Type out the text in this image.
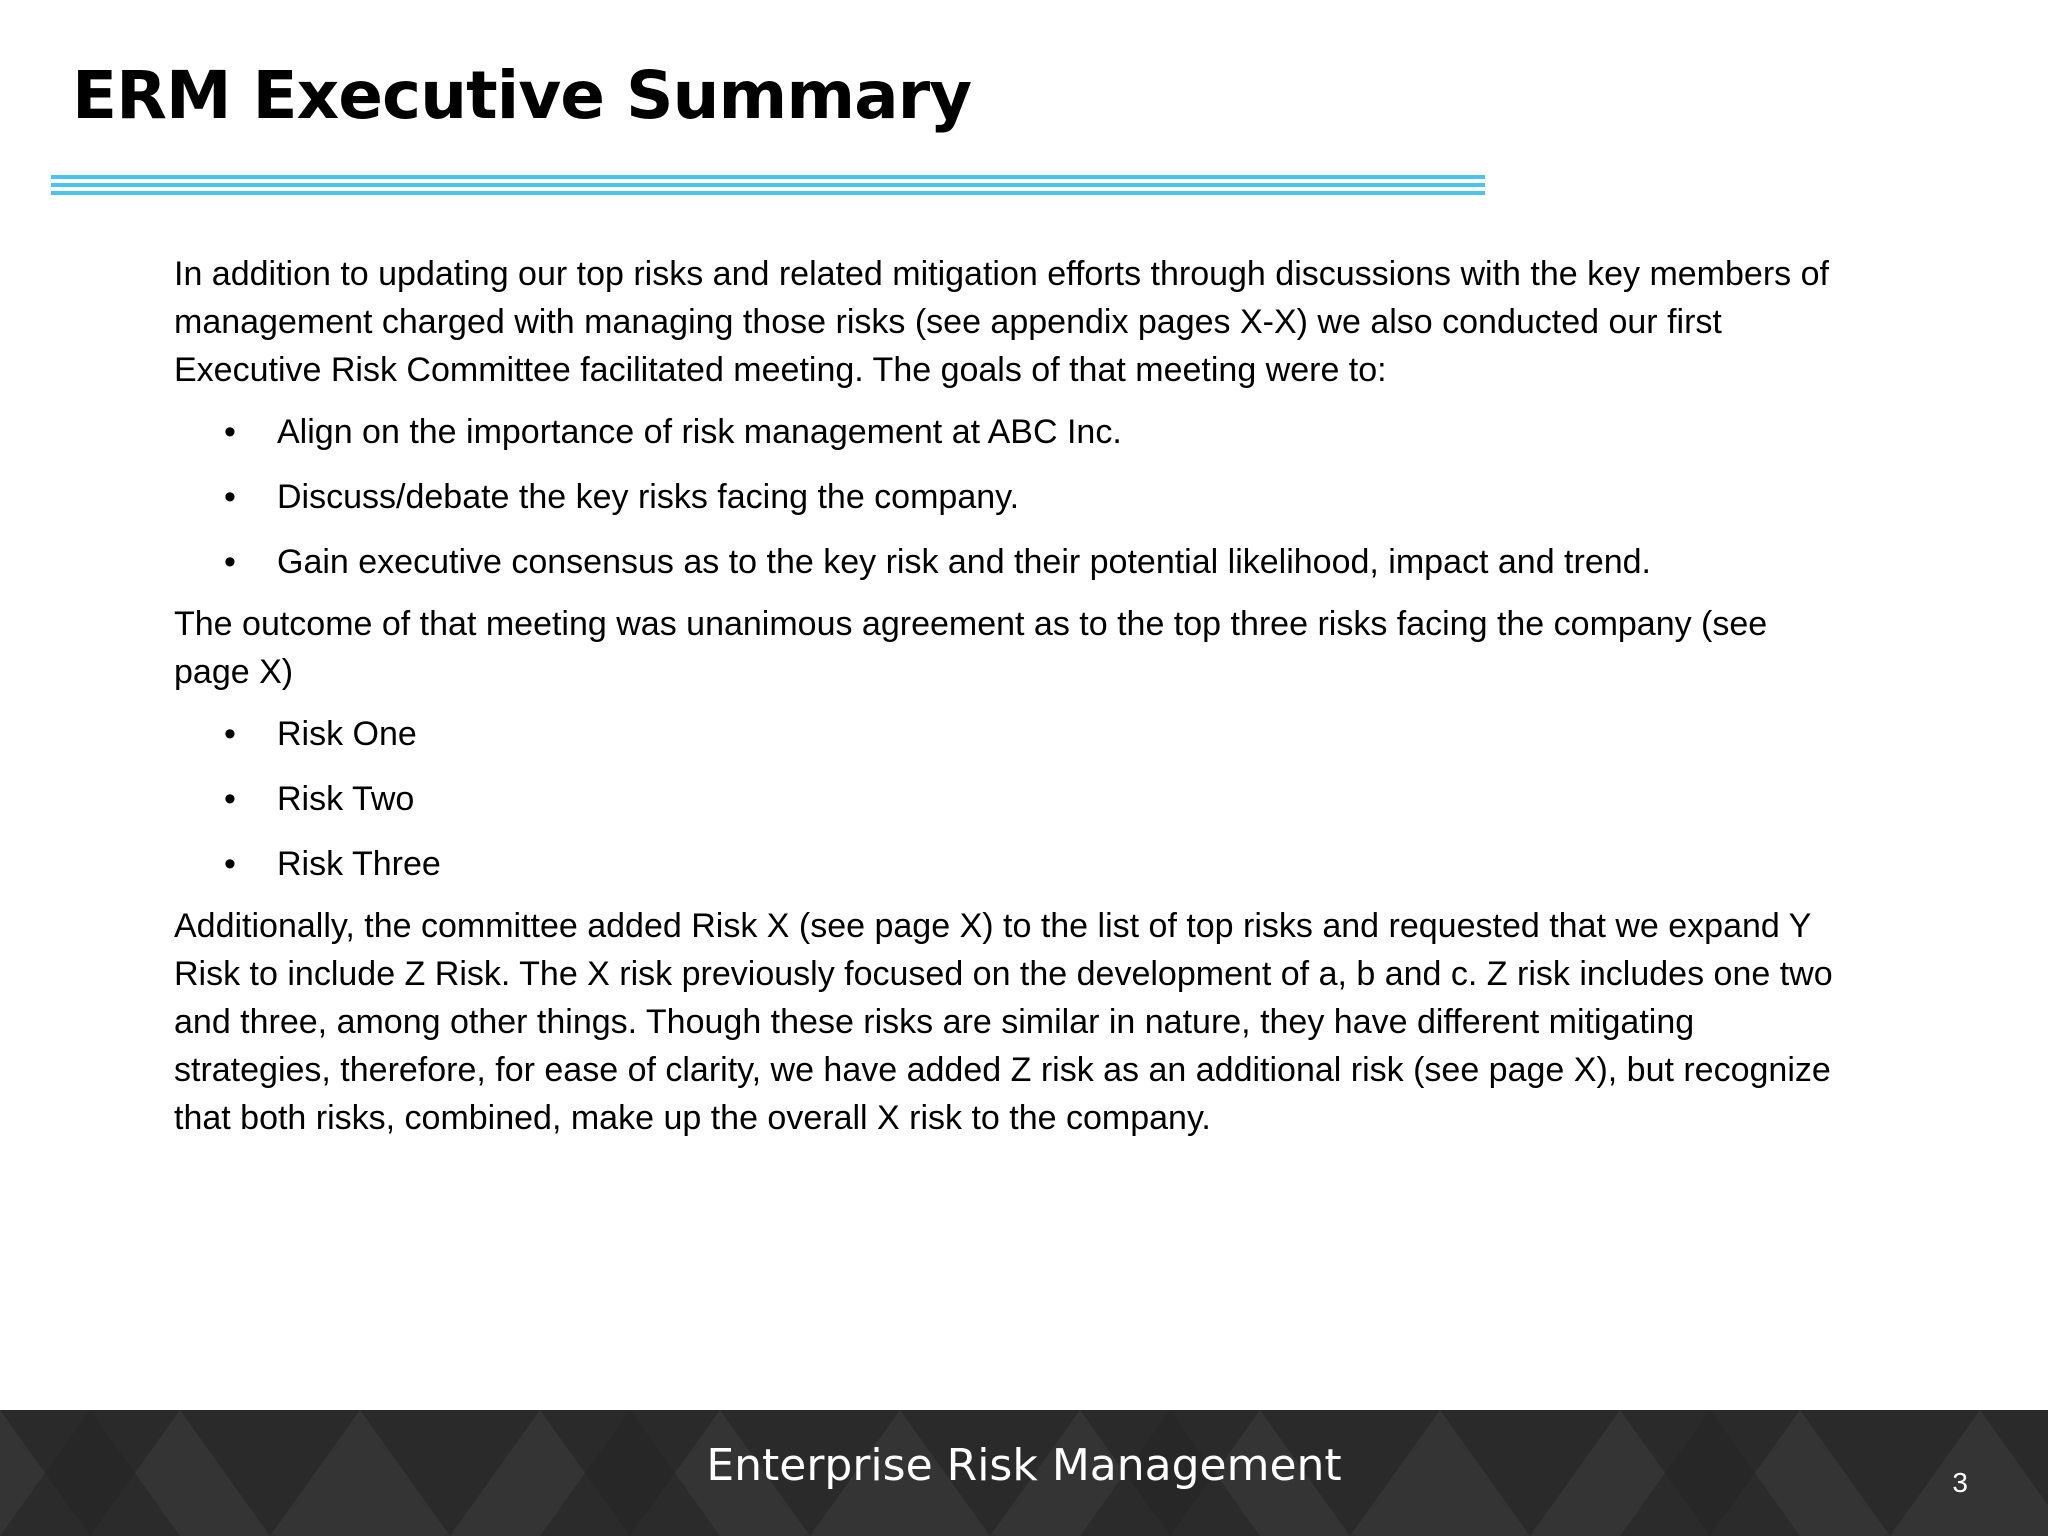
ERM Executive Summary

In addition to updating our top risks and related mitigation efforts through discussions with the key members of management charged with managing those risks (see appendix pages X-X) we also conducted our first Executive Risk Committee facilitated meeting. The goals of that meeting were to:

• Align on the importance of risk management at ABC Inc.
• Discuss/debate the key risks facing the company.
• Gain executive consensus as to the key risk and their potential likelihood, impact and trend.

The outcome of that meeting was unanimous agreement as to the top three risks facing the company (see page X)

• Risk One
• Risk Two
• Risk Three

Additionally, the committee added Risk X (see page X) to the list of top risks and requested that we expand Y Risk to include Z Risk. The X risk previously focused on the development of a, b and c. Z risk includes one two and three, among other things. Though these risks are similar in nature, they have different mitigating strategies, therefore, for ease of clarity, we have added Z risk as an additional risk (see page X), but recognize that both risks, combined, make up the overall X risk to the company.

Enterprise Risk Management	3
